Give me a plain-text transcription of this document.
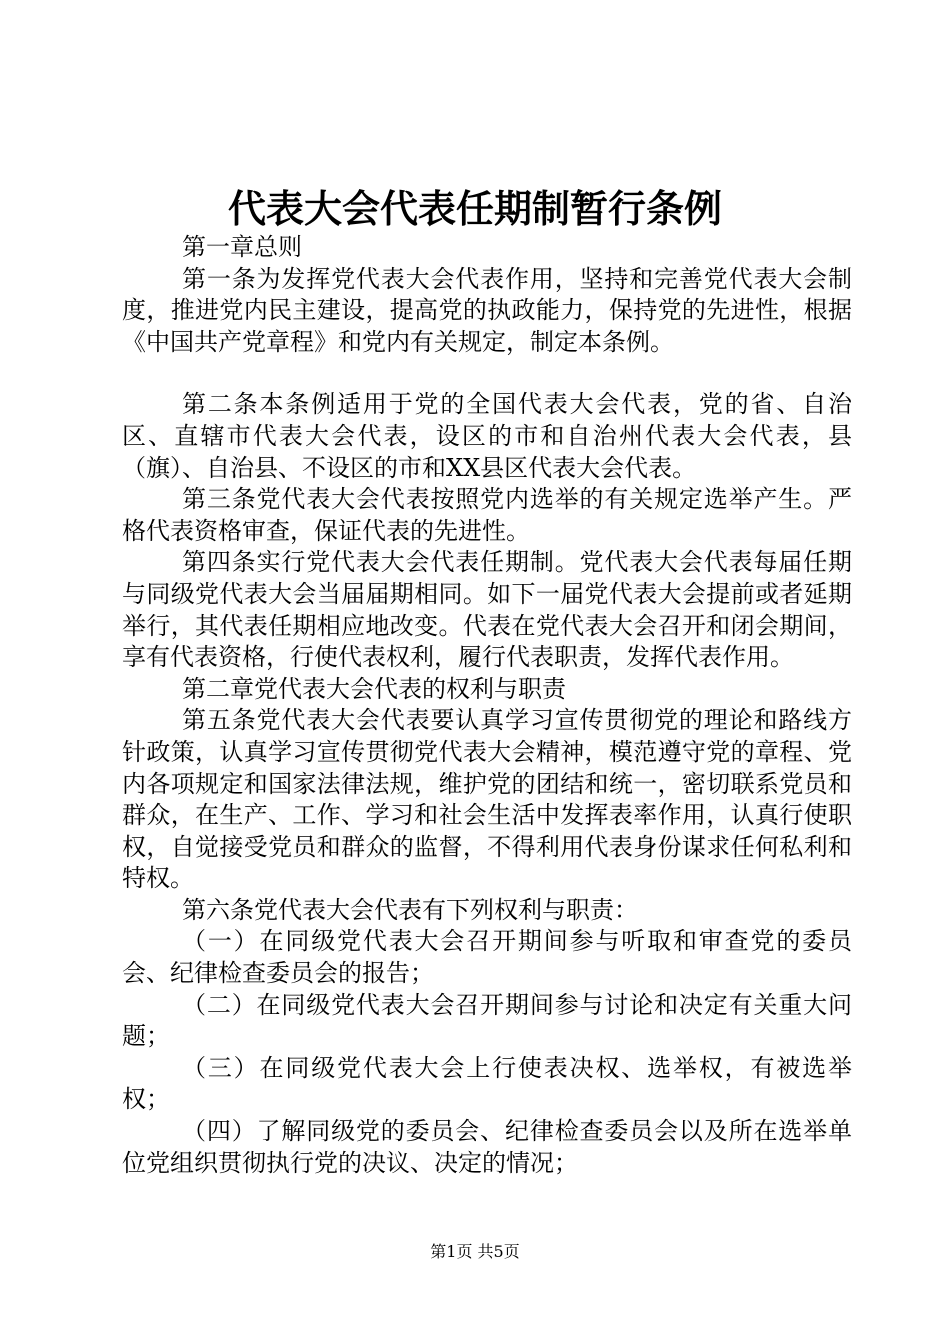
代表大会代表任期制暂行条例

第一章总则

第一条为发挥党代表大会代表作用，坚持和完善党代表大会制度，推进党内民主建设，提高党的执政能力，保持党的先进性，根据《中国共产党章程》和党内有关规定，制定本条例。

第二条本条例适用于党的全国代表大会代表，党的省、自治区、直辖市代表大会代表，设区的市和自治州代表大会代表，县（旗）、自治县、不设区的市和XX县区代表大会代表。

第三条党代表大会代表按照党内选举的有关规定选举产生。严格代表资格审查，保证代表的先进性。

第四条实行党代表大会代表任期制。党代表大会代表每届任期与同级党代表大会当届届期相同。如下一届党代表大会提前或者延期举行，其代表任期相应地改变。代表在党代表大会召开和闭会期间，享有代表资格，行使代表权利，履行代表职责，发挥代表作用。

第二章党代表大会代表的权利与职责

第五条党代表大会代表要认真学习宣传贯彻党的理论和路线方针政策，认真学习宣传贯彻党代表大会精神，模范遵守党的章程、党内各项规定和国家法律法规，维护党的团结和统一，密切联系党员和群众，在生产、工作、学习和社会生活中发挥表率作用，认真行使职权，自觉接受党员和群众的监督，不得利用代表身份谋求任何私利和特权。

第六条党代表大会代表有下列权利与职责：

（一）在同级党代表大会召开期间参与听取和审查党的委员会、纪律检查委员会的报告；

（二）在同级党代表大会召开期间参与讨论和决定有关重大问题；

（三）在同级党代表大会上行使表决权、选举权，有被选举权；

（四）了解同级党的委员会、纪律检查委员会以及所在选举单位党组织贯彻执行党的决议、决定的情况；

第1页 共5页
